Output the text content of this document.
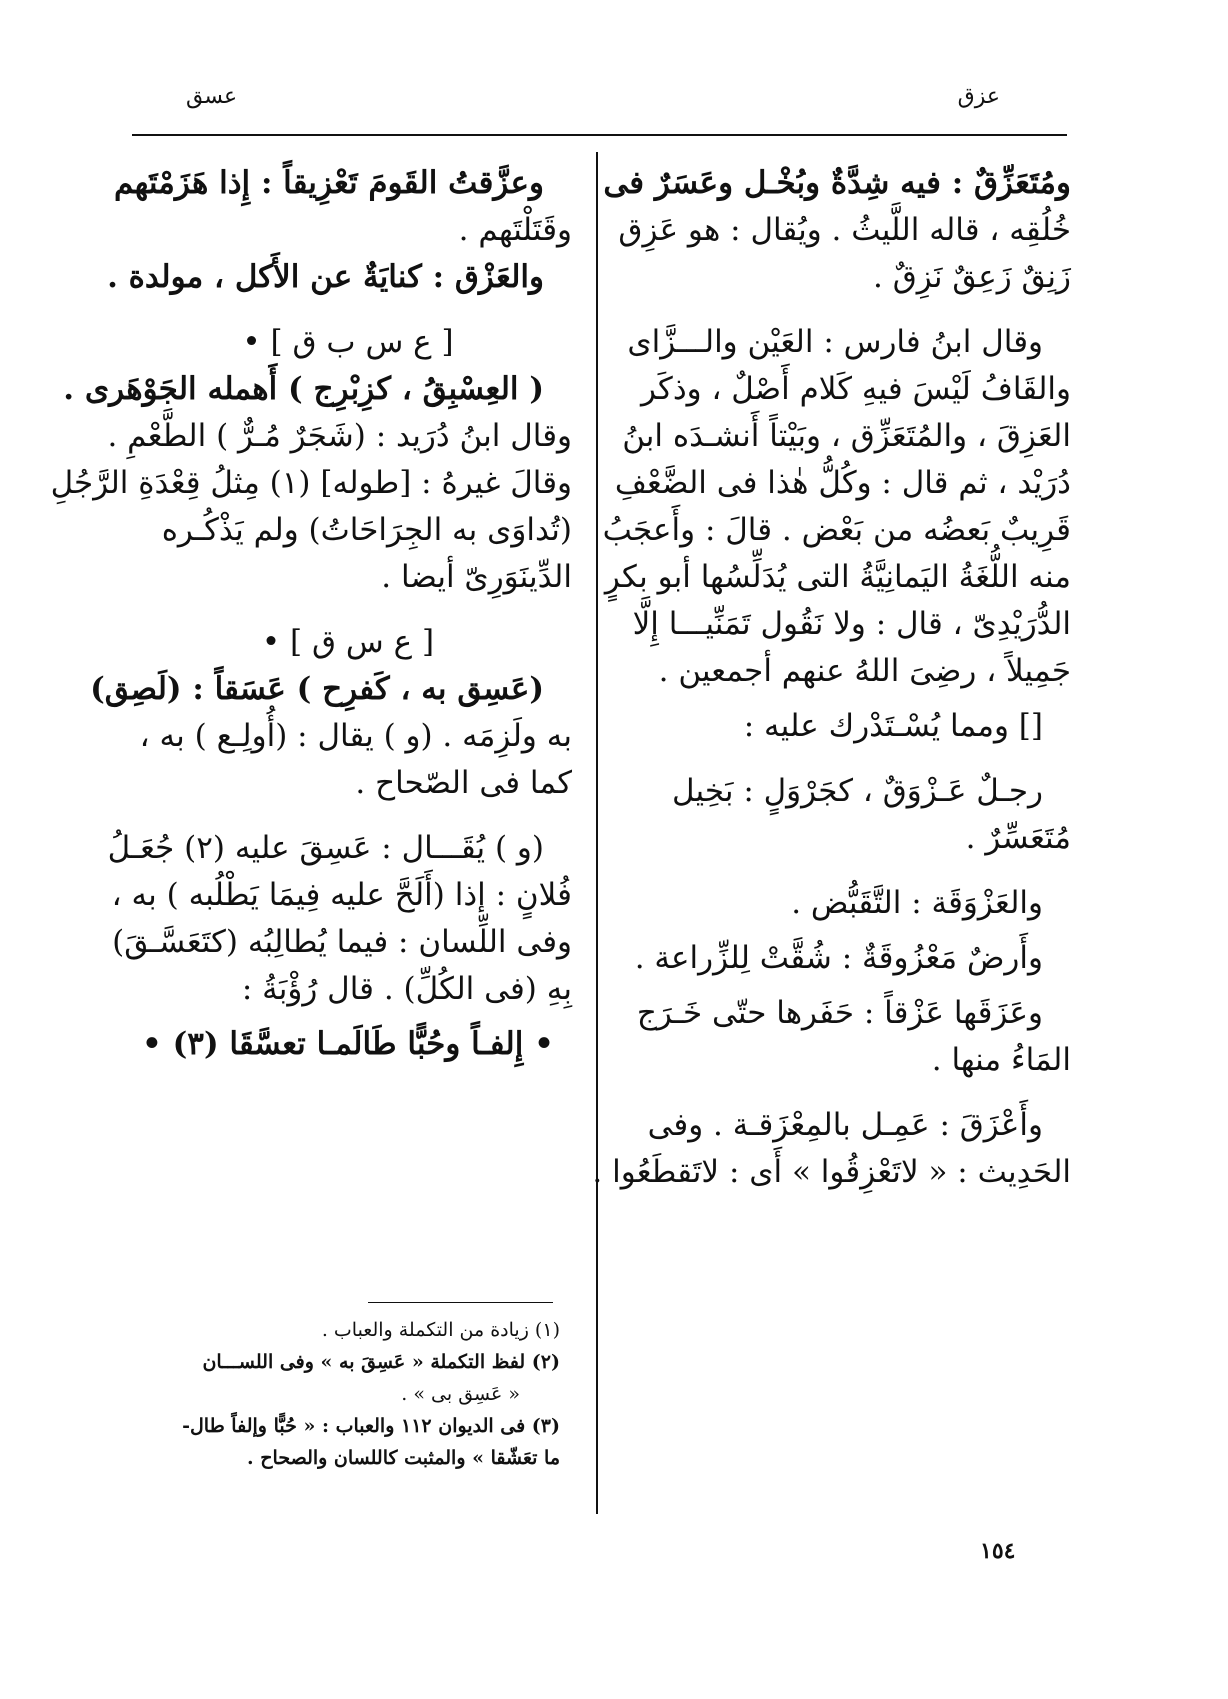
عزق
عسق
ومُتَعَزِّقٌ : فيه شِدَّةٌ وبُخْـل وعَسَرٌ فى
خُلُقِه ، قاله اللَّيثُ . ويُقال : هو عَزِق
زَنِقٌ زَعِقٌ نَزِقٌ .
وقال ابنُ فارس : العَيْن والـــزَّاى
والقَافُ لَيْسَ فيهِ كَلام أَصْلٌ ، وذكَر
العَزِقَ ، والمُتَعَزِّق ، وبَيْتاً أَنشـدَه ابنُ
دُرَيْد ، ثم قال : وكُلُّ هٰذا فى الضَّعْفِ
قَرِيبٌ بَعضُه من بَعْض . قالَ : وأَعجَبُ
منه اللُّغَةُ اليَمانِيَّةُ التى يُدَلِّسُها أبو بكرٍ
الدُّرَيْدِىّ ، قال : ولا نَقُول تَمَنِّيـــا إِلَّا
جَمِيلاً ، رضِىَ اللهُ عنهم أجمعين .
[] ومما يُسْـتَدْرك عليه :
رجـلٌ عَـزْوَقٌ ، كجَرْوَلٍ : بَخِيل
مُتَعَسِّرٌ .
والعَزْوَقَة : التَّقَبُّض .
وأَرضٌ مَعْزُوقَةٌ : شُقَّتْ لِلزِّراعة .
وعَزَقَها عَزْقاً : حَفَرها حتّى خَـرَج
المَاءُ منها .
وأَعْزَقَ : عَمِـل بالمِعْزَقـة . وفى
الحَدِيث : « لاتَعْزِقُوا » أَى : لاتَقطَعُوا .
وعزَّقتُ القَومَ تَعْزِيقاً : إِذا هَزَمْتَهم
وقَتَلْتَهم .
والعَزْق : كنايَةٌ عن الأَكل ، مولدة .
[ ع س ب ق ] •
( العِسْبِقُ ، كزِبْرِج ) أَهمله الجَوْهَرى .
وقال ابنُ دُرَيد : (شَجَرٌ مُـرٌّ ) الطَّعْمِ .
وقالَ غيرهُ : [طوله] (١) مِثلُ قِعْدَةِ الرَّجُلِ
(تُداوَى به الجِرَاحَاتُ) ولم يَذْكُـره
الدِّينَوَرِىّ أيضا .
[ ع س ق ] •
(عَسِق به ، كَفرِح ) عَسَقاً : (لَصِق)
به ولَزِمَه . (و ) يقال : (أُولِـع ) به ،
كما فى الصّحاح .
(و ) يُقَـــال : عَسِقَ عليه (٢) جُعَـلُ
فُلانٍ : إذا (أَلَحَّ عليه فِيمَا يَطْلُبه ) به ،
وفى اللِّسان : فيما يُطالِبُه (كتَعَسَّـقَ)
بِهِ (فى الكُلِّ) . قال رُؤْبَةُ :
• إِلفـاً وحُبًّا طَالَمـا تعسَّقَا (٣) •
(١) زيادة من التكملة والعباب .
(٢) لفظ التكملة « عَسِقَ به » وفى اللســـان
« عَسِق بى » .
(٣) فى الديوان ١١٢ والعباب : « حُبًّا وإلفاً طال-
ما تعَشّقا » والمثبت كاللسان والصحاح .
١٥٤
